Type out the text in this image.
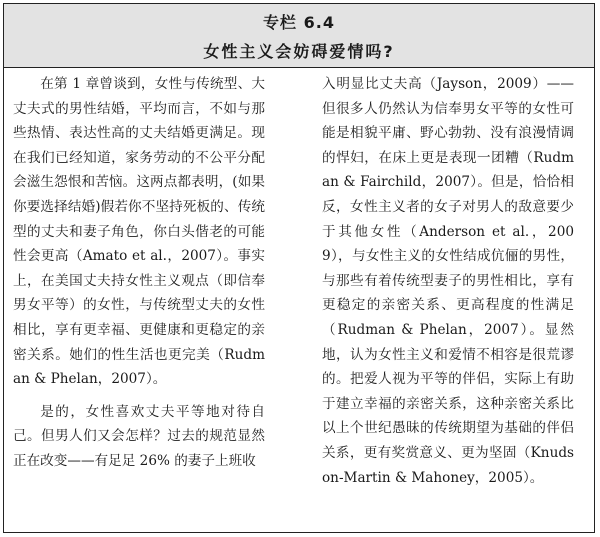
专栏 6.4
女性主义会妨碍爱情吗?

在第 1 章曾谈到，女性与传统型、大丈夫式的男性结婚，平均而言，不如与那些热情、表达性高的丈夫结婚更满足。现在我们已经知道，家务劳动的不公平分配会滋生怨恨和苦恼。这两点都表明，(如果你要选择结婚)假若你不坚持死板的、传统型的丈夫和妻子角色，你白头偕老的可能性会更高（Amato et al.，2007）。事实上，在美国丈夫持女性主义观点（即信奉男女平等）的女性，与传统型丈夫的女性相比，享有更幸福、更健康和更稳定的亲密关系。她们的性生活也更完美（Rudman & Phelan，2007）。

是的，女性喜欢丈夫平等地对待自己。但男人们又会怎样？过去的规范显然正在改变——有足足 26% 的妻子上班收

入明显比丈夫高（Jayson，2009）——但很多人仍然认为信奉男女平等的女性可能是相貌平庸、野心勃勃、没有浪漫情调的悍妇，在床上更是表现一团糟（Rudman & Fairchild，2007）。但是，恰恰相反，女性主义者的女子对男人的敌意要少于其他女性（Anderson et al.，2009），与女性主义的女性结成伉俪的男性，与那些有着传统型妻子的男性相比，享有更稳定的亲密关系、更高程度的性满足（Rudman & Phelan，2007）。显然地，认为女性主义和爱情不相容是很荒谬的。把爱人视为平等的伴侣，实际上有助于建立幸福的亲密关系，这种亲密关系比以上个世纪愚昧的传统期望为基础的伴侣关系，更有奖赏意义、更为坚固（Knudson-Martin & Mahoney，2005）。
